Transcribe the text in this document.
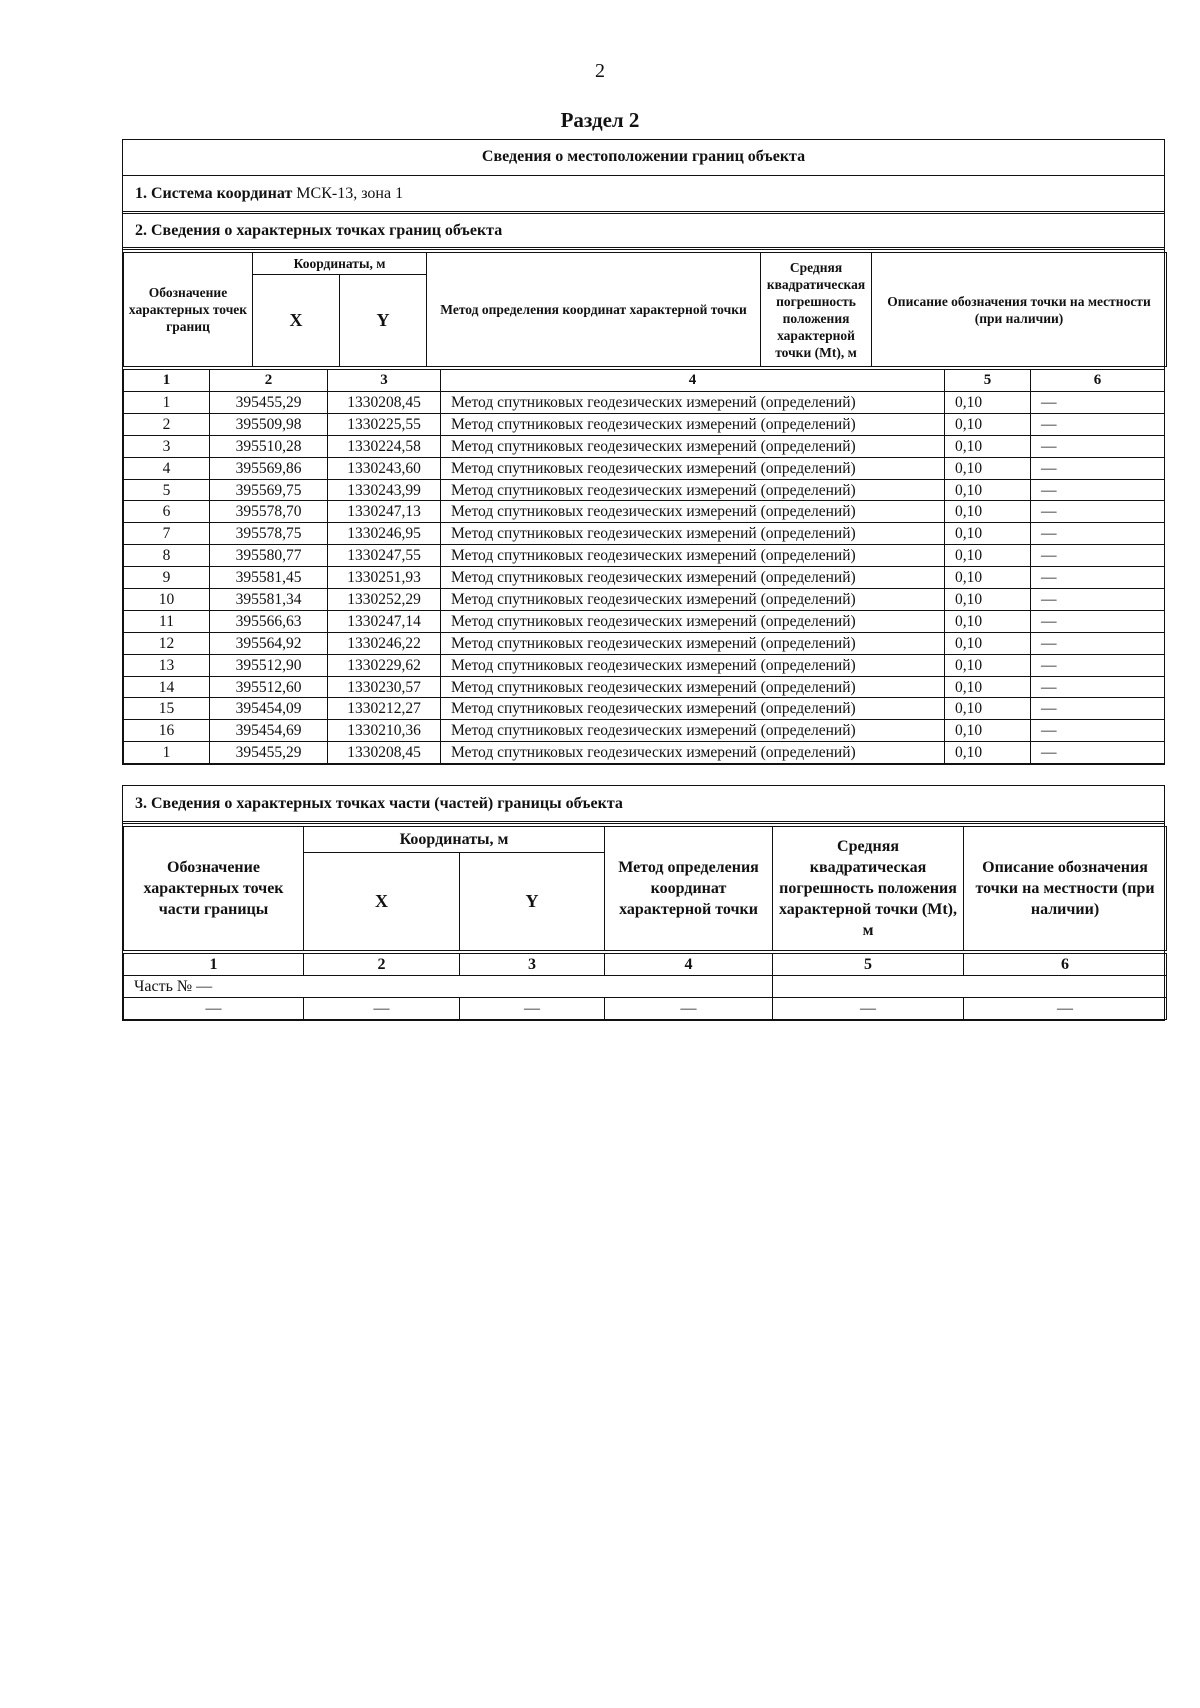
2
Раздел 2
Сведения о местоположении границ объекта
1. Система координат МСК-13, зона 1
2. Сведения о характерных точках границ объекта
Обозначение характерных точек границ	Координаты, м		Метод определения координат характерной точки	Средняя квадратическая погрешность положения характерной точки (Mt), м	Описание обозначения точки на местности (при наличии)
	X	Y			
1	2	3	4	5	6
1	395455,29	1330208,45	Метод спутниковых геодезических измерений (определений)	0,10	—
2	395509,98	1330225,55	Метод спутниковых геодезических измерений (определений)	0,10	—
3	395510,28	1330224,58	Метод спутниковых геодезических измерений (определений)	0,10	—
4	395569,86	1330243,60	Метод спутниковых геодезических измерений (определений)	0,10	—
5	395569,75	1330243,99	Метод спутниковых геодезических измерений (определений)	0,10	—
6	395578,70	1330247,13	Метод спутниковых геодезических измерений (определений)	0,10	—
7	395578,75	1330246,95	Метод спутниковых геодезических измерений (определений)	0,10	—
8	395580,77	1330247,55	Метод спутниковых геодезических измерений (определений)	0,10	—
9	395581,45	1330251,93	Метод спутниковых геодезических измерений (определений)	0,10	—
10	395581,34	1330252,29	Метод спутниковых геодезических измерений (определений)	0,10	—
11	395566,63	1330247,14	Метод спутниковых геодезических измерений (определений)	0,10	—
12	395564,92	1330246,22	Метод спутниковых геодезических измерений (определений)	0,10	—
13	395512,90	1330229,62	Метод спутниковых геодезических измерений (определений)	0,10	—
14	395512,60	1330230,57	Метод спутниковых геодезических измерений (определений)	0,10	—
15	395454,09	1330212,27	Метод спутниковых геодезических измерений (определений)	0,10	—
16	395454,69	1330210,36	Метод спутниковых геодезических измерений (определений)	0,10	—
1	395455,29	1330208,45	Метод спутниковых геодезических измерений (определений)	0,10	—
3. Сведения о характерных точках части (частей) границы объекта
Обозначение характерных точек части границы	Координаты, м		Метод определения координат характерной точки	Средняя квадратическая погрешность положения характерной точки (Mt), м	Описание обозначения точки на местности (при наличии)
	X	Y			
1	2	3	4	5	6
Часть № —					
—	—	—	—	—	—
